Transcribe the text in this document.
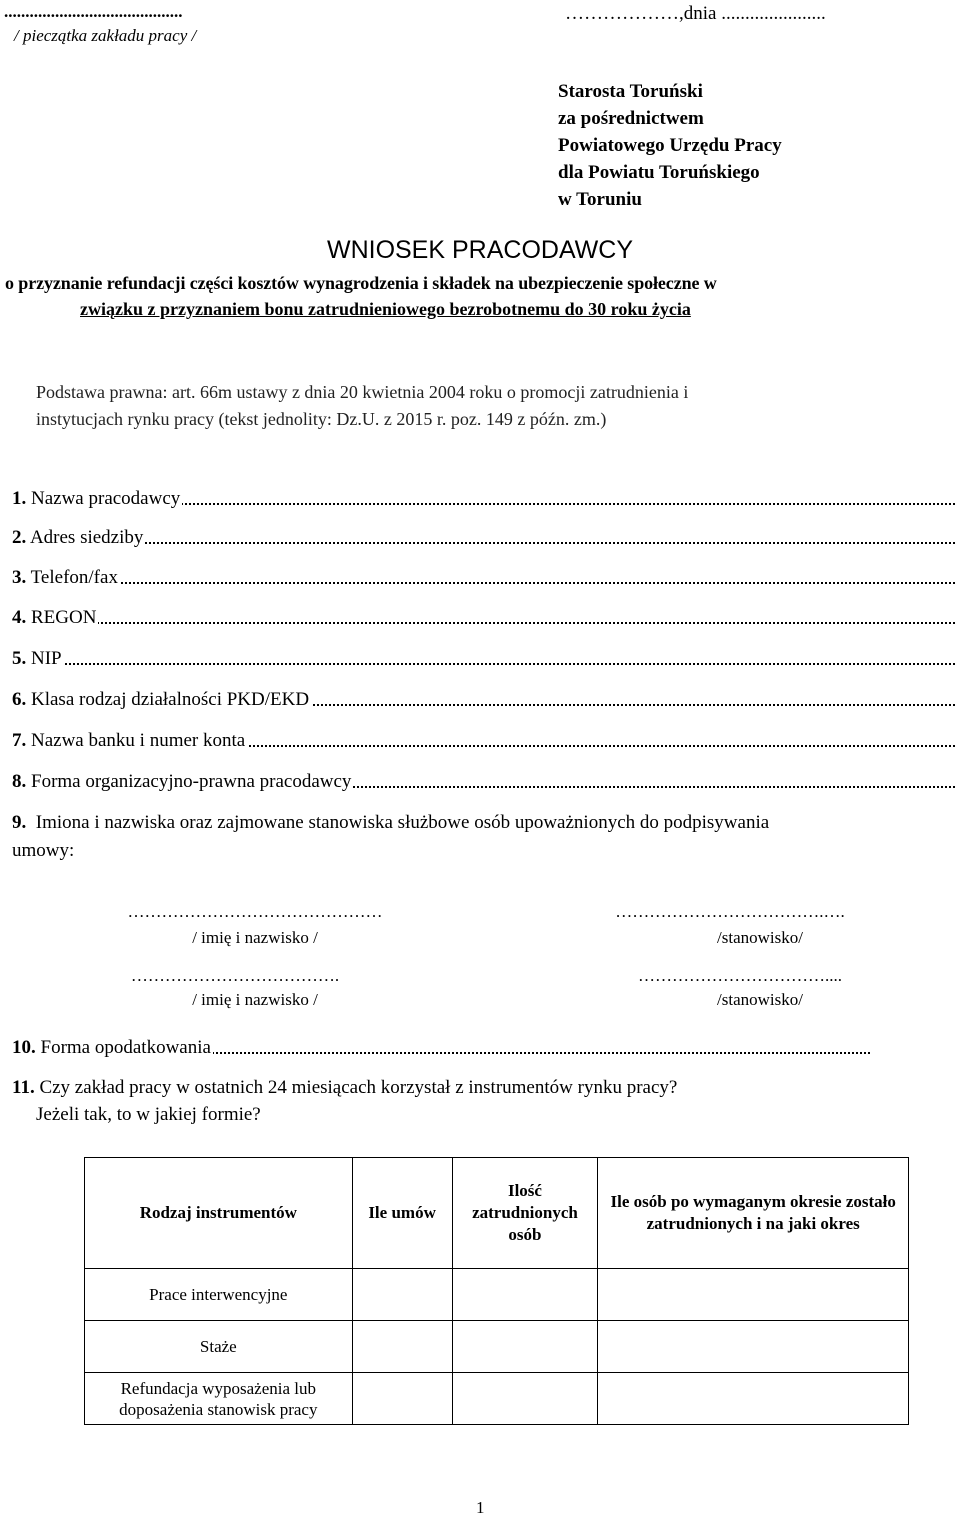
..........................................
/ pieczątka zakładu pracy /
………………,dnia ......................
Starosta Toruński
za pośrednictwem
Powiatowego Urzędu Pracy
dla Powiatu Toruńskiego
w Toruniu
WNIOSEK PRACODAWCY
o przyznanie refundacji części kosztów wynagrodzenia i składek na ubezpieczenie społeczne w
związku z przyznaniem bonu zatrudnieniowego bezrobotnemu do 30 roku życia
Podstawa prawna: art. 66m ustawy z dnia 20 kwietnia 2004 roku o promocji zatrudnienia i
instytucjach rynku pracy (tekst jednolity: Dz.U. z 2015 r. poz. 149 z późn. zm.)
1. Nazwa pracodawcy
2. Adres siedziby
3. Telefon/fax
4. REGON
5. NIP
6. Klasa rodzaj działalności PKD/EKD
7. Nazwa banku i numer konta
8. Forma organizacyjno-prawna pracodawcy
9. Imiona i nazwiska oraz zajmowane stanowiska służbowe osób upoważnionych do podpisywania
umowy:
………………………………………	……………………………….….
/ imię i nazwisko /	/stanowisko/
……………………………….	……………………………....
/ imię i nazwisko /	/stanowisko/
10. Forma opodatkowania
11. Czy zakład pracy w ostatnich 24 miesiącach korzystał z instrumentów rynku pracy?
Jeżeli tak, to w jakiej formie?
Rodzaj instrumentów	Ile umów	Ilość zatrudnionych osób	Ile osób po wymaganym okresie zostało zatrudnionych i na jaki okres
Prace interwencyjne			
Staże			
Refundacja wyposażenia lub doposażenia stanowisk pracy			
1
